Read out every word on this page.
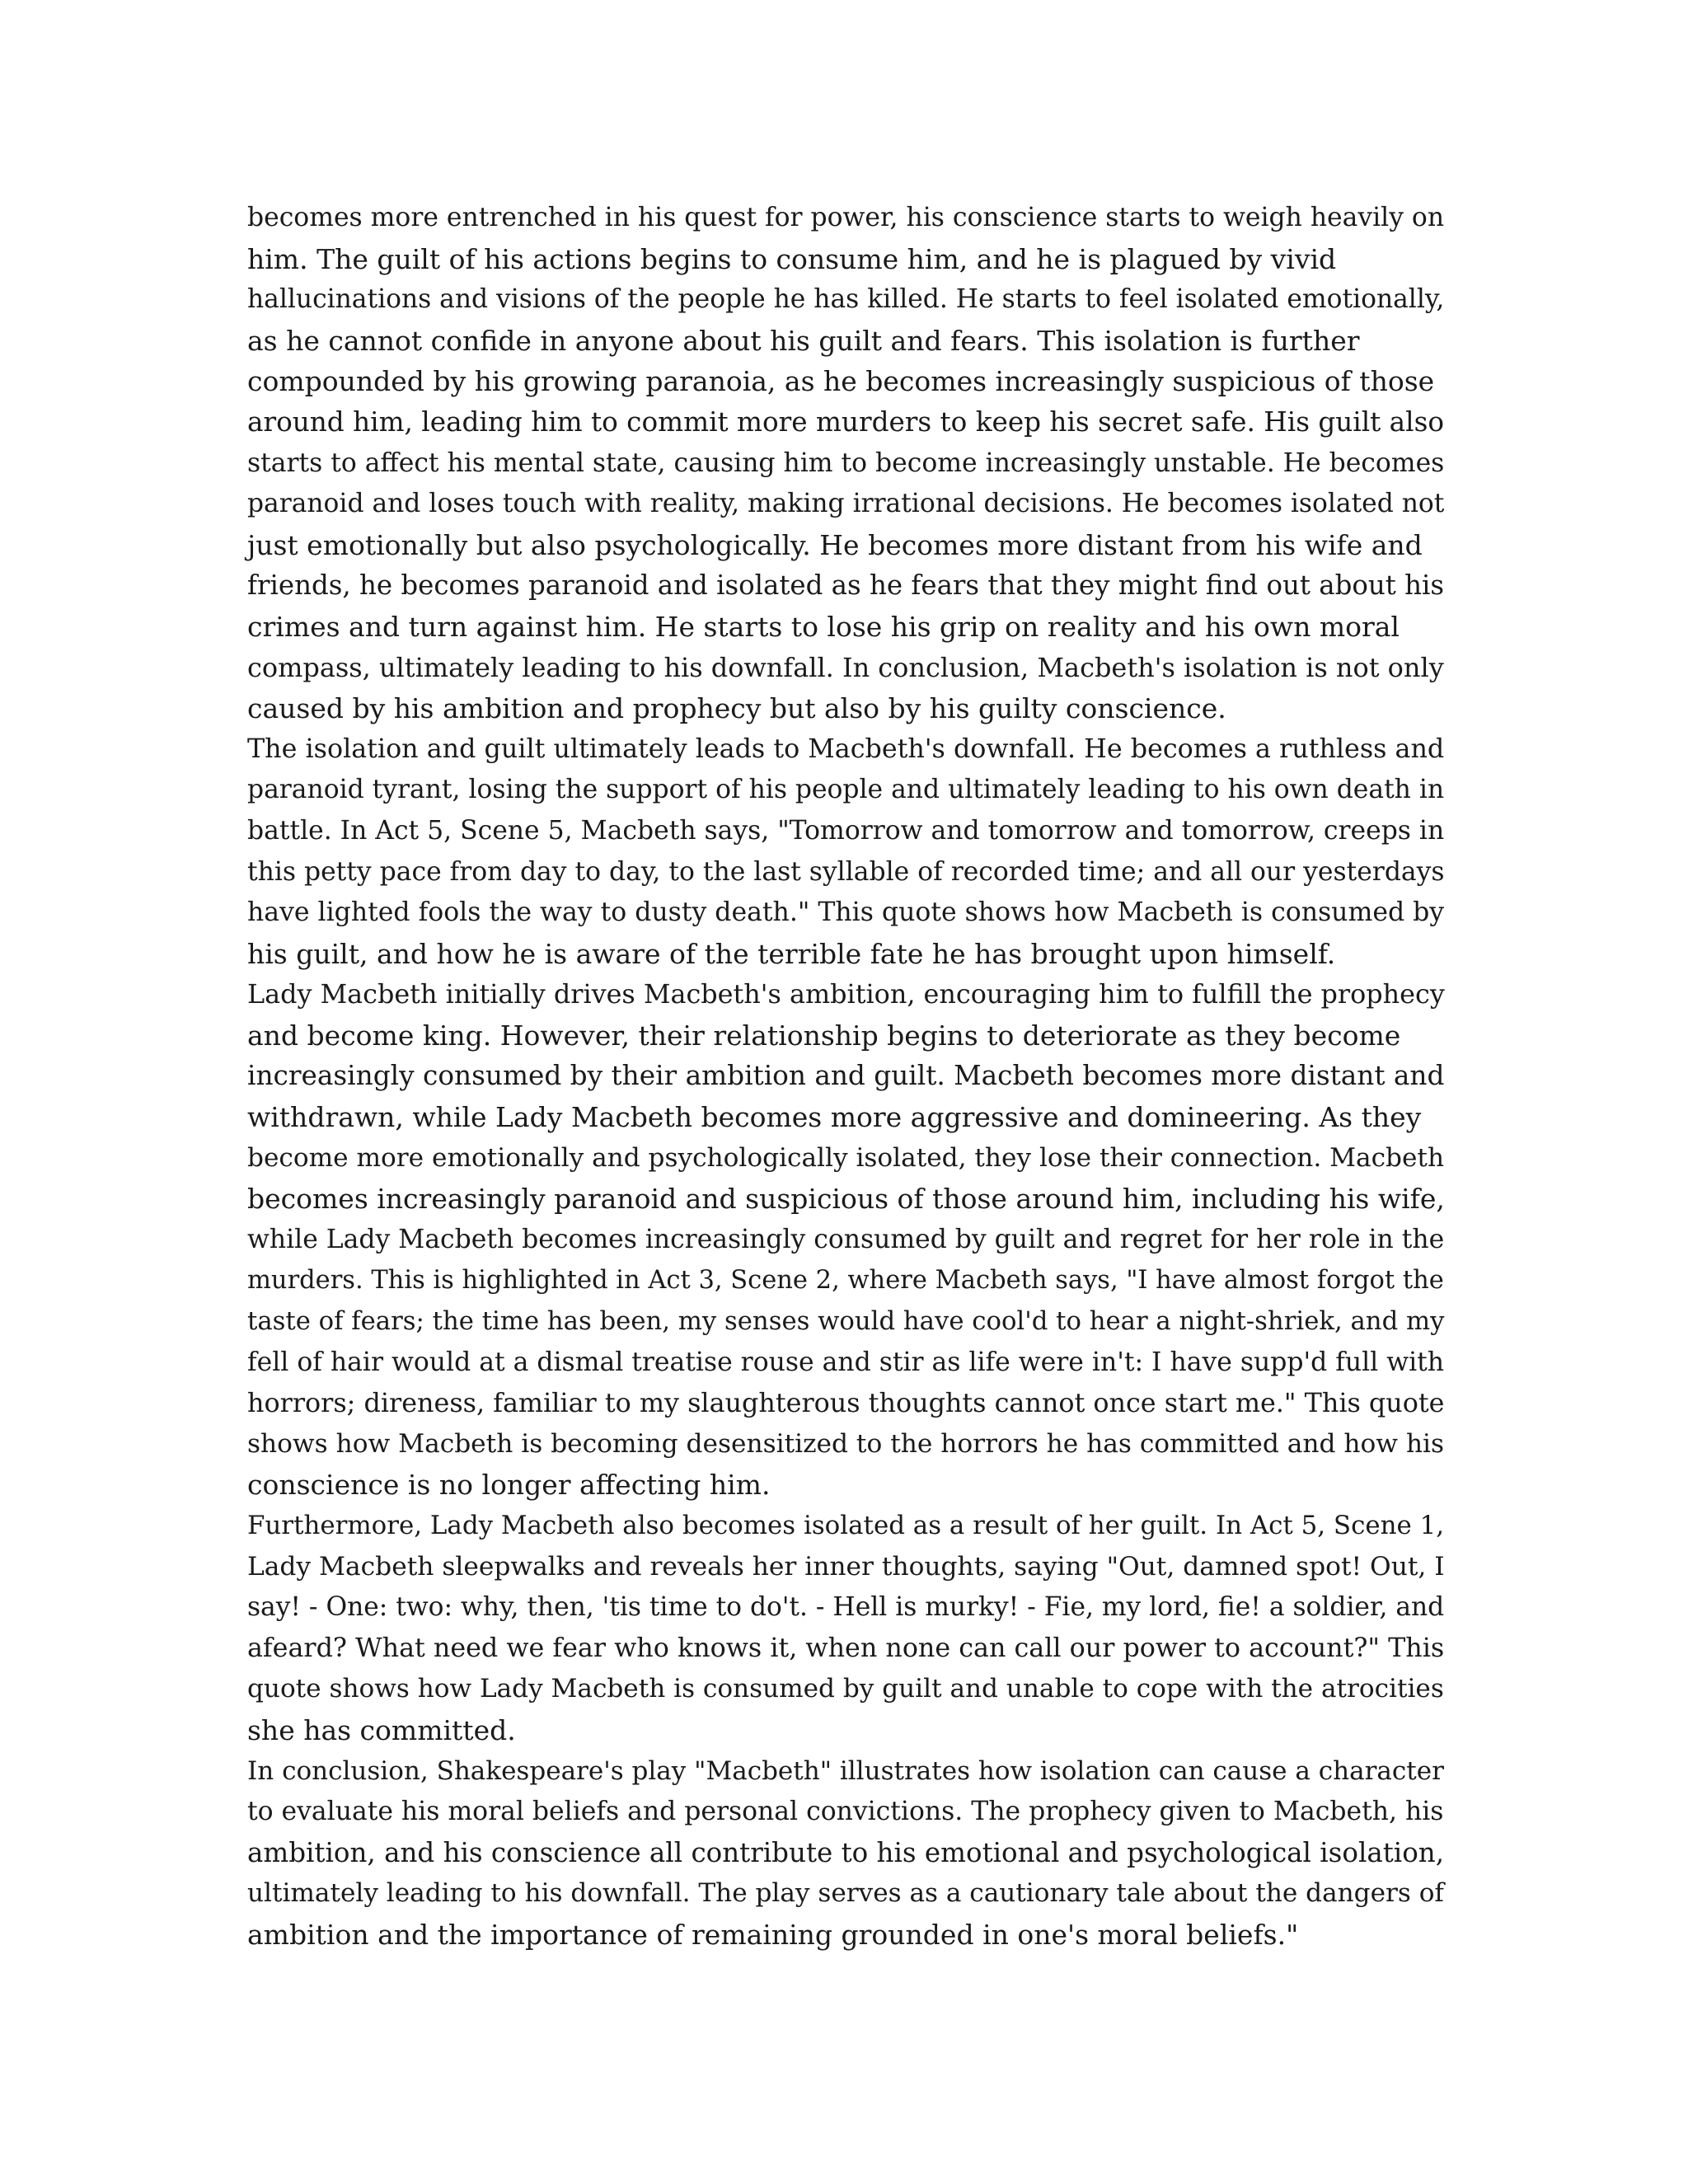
becomes more entrenched in his quest for power, his conscience starts to weigh heavily on
him. The guilt of his actions begins to consume him, and he is plagued by vivid
hallucinations and visions of the people he has killed. He starts to feel isolated emotionally,
as he cannot confide in anyone about his guilt and fears. This isolation is further
compounded by his growing paranoia, as he becomes increasingly suspicious of those
around him, leading him to commit more murders to keep his secret safe. His guilt also
starts to affect his mental state, causing him to become increasingly unstable. He becomes
paranoid and loses touch with reality, making irrational decisions. He becomes isolated not
just emotionally but also psychologically. He becomes more distant from his wife and
friends, he becomes paranoid and isolated as he fears that they might find out about his
crimes and turn against him. He starts to lose his grip on reality and his own moral
compass, ultimately leading to his downfall. In conclusion, Macbeth's isolation is not only
caused by his ambition and prophecy but also by his guilty conscience.
The isolation and guilt ultimately leads to Macbeth's downfall. He becomes a ruthless and
paranoid tyrant, losing the support of his people and ultimately leading to his own death in
battle. In Act 5, Scene 5, Macbeth says, "Tomorrow and tomorrow and tomorrow, creeps in
this petty pace from day to day, to the last syllable of recorded time; and all our yesterdays
have lighted fools the way to dusty death." This quote shows how Macbeth is consumed by
his guilt, and how he is aware of the terrible fate he has brought upon himself.
Lady Macbeth initially drives Macbeth's ambition, encouraging him to fulfill the prophecy
and become king. However, their relationship begins to deteriorate as they become
increasingly consumed by their ambition and guilt. Macbeth becomes more distant and
withdrawn, while Lady Macbeth becomes more aggressive and domineering. As they
become more emotionally and psychologically isolated, they lose their connection. Macbeth
becomes increasingly paranoid and suspicious of those around him, including his wife,
while Lady Macbeth becomes increasingly consumed by guilt and regret for her role in the
murders. This is highlighted in Act 3, Scene 2, where Macbeth says, "I have almost forgot the
taste of fears; the time has been, my senses would have cool'd to hear a night-shriek, and my
fell of hair would at a dismal treatise rouse and stir as life were in't: I have supp'd full with
horrors; direness, familiar to my slaughterous thoughts cannot once start me." This quote
shows how Macbeth is becoming desensitized to the horrors he has committed and how his
conscience is no longer affecting him.
Furthermore, Lady Macbeth also becomes isolated as a result of her guilt. In Act 5, Scene 1,
Lady Macbeth sleepwalks and reveals her inner thoughts, saying "Out, damned spot! Out, I
say! - One: two: why, then, 'tis time to do't. - Hell is murky! - Fie, my lord, fie! a soldier, and
afeard? What need we fear who knows it, when none can call our power to account?" This
quote shows how Lady Macbeth is consumed by guilt and unable to cope with the atrocities
she has committed.
In conclusion, Shakespeare's play "Macbeth" illustrates how isolation can cause a character
to evaluate his moral beliefs and personal convictions. The prophecy given to Macbeth, his
ambition, and his conscience all contribute to his emotional and psychological isolation,
ultimately leading to his downfall. The play serves as a cautionary tale about the dangers of
ambition and the importance of remaining grounded in one's moral beliefs."
